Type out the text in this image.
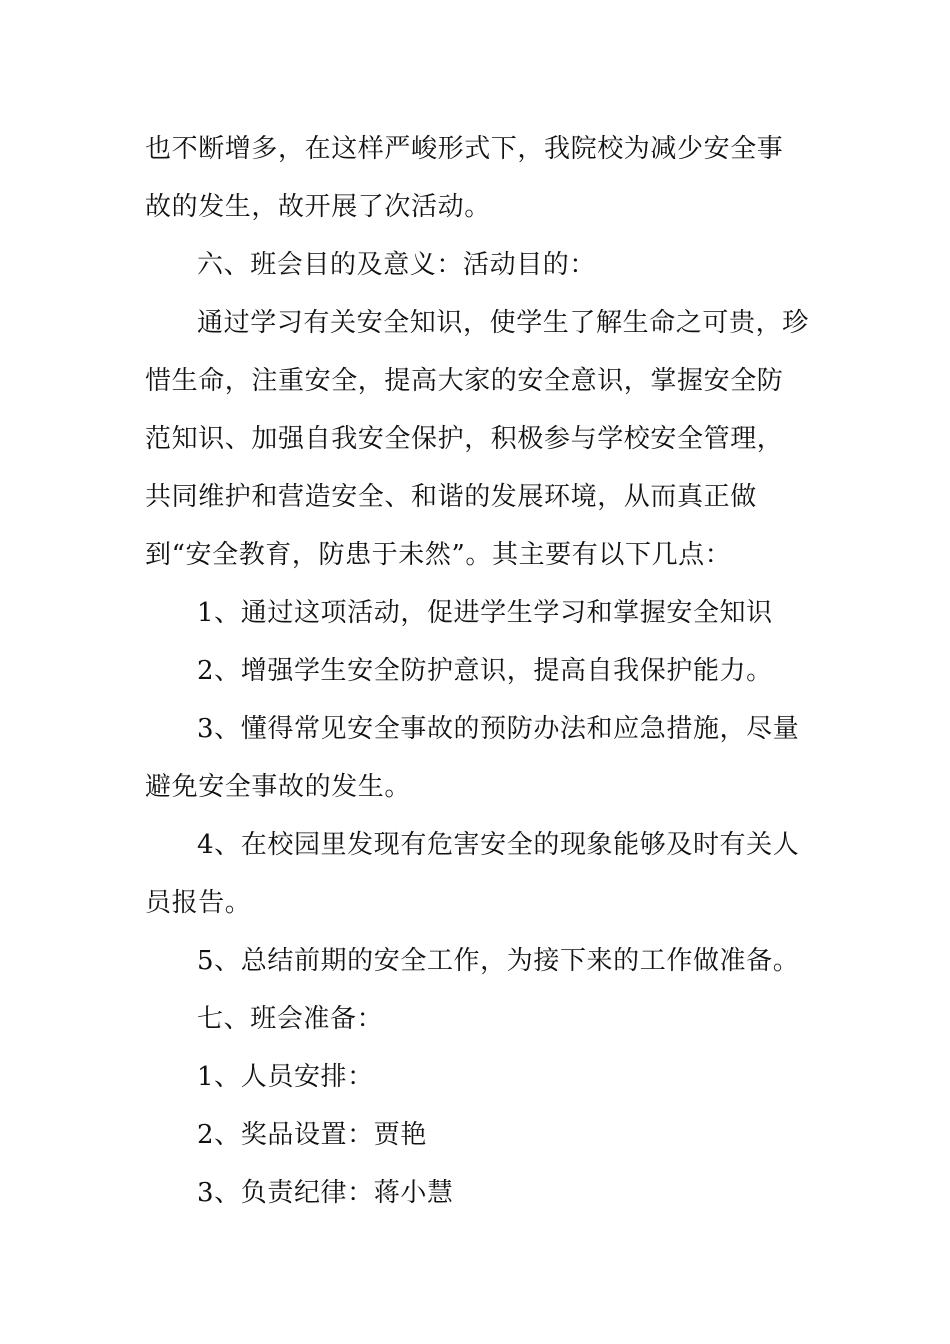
也不断增多，在这样严峻形式下，我院校为减少安全事故的发生，故开展了次活动。

六、班会目的及意义：活动目的：

通过学习有关安全知识，使学生了解生命之可贵，珍惜生命，注重安全，提高大家的安全意识，掌握安全防范知识、加强自我安全保护，积极参与学校安全管理，共同维护和营造安全、和谐的发展环境，从而真正做到“安全教育，防患于未然”。其主要有以下几点：

1、通过这项活动，促进学生学习和掌握安全知识

2、增强学生安全防护意识，提高自我保护能力。

3、懂得常见安全事故的预防办法和应急措施，尽量避免安全事故的发生。

4、在校园里发现有危害安全的现象能够及时有关人员报告。

5、总结前期的安全工作，为接下来的工作做准备。

七、班会准备：

1、人员安排：

2、奖品设置：贾艳

3、负责纪律：蒋小慧
